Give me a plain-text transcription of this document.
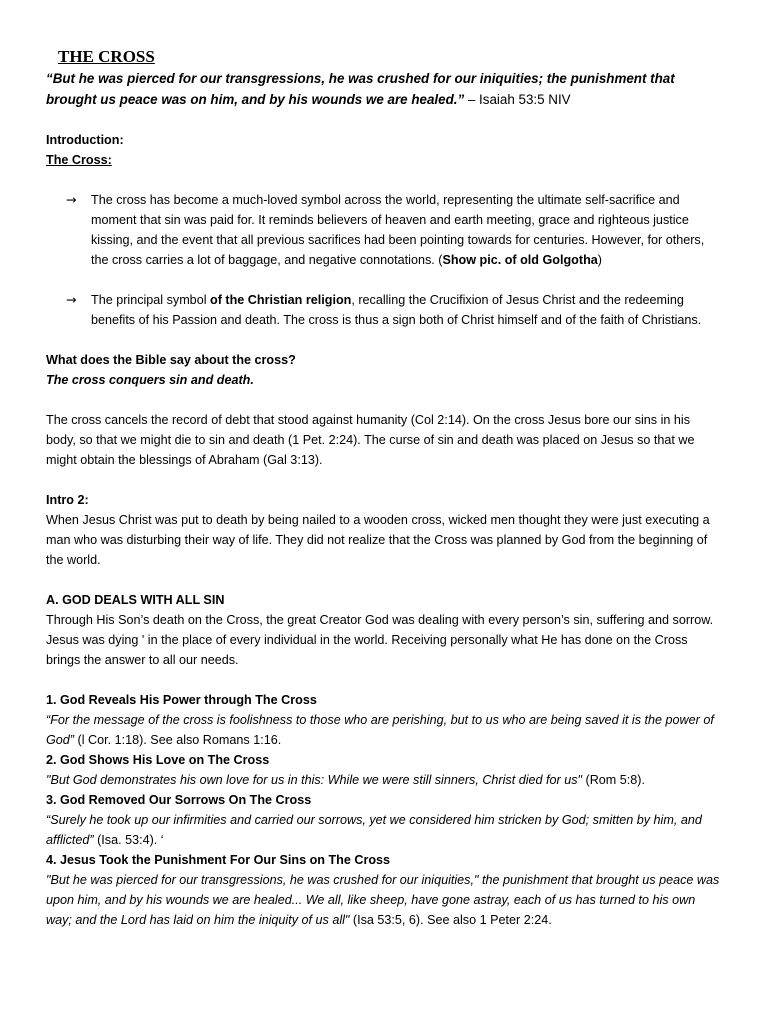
THE CROSS

“But he was pierced for our transgressions, he was crushed for our iniquities; the punishment that brought us peace was on him, and by his wounds we are healed.” – Isaiah 53:5 NIV

Introduction:

The Cross:

→	The cross has become a much-loved symbol across the world, representing the ultimate self-sacrifice and moment that sin was paid for. It reminds believers of heaven and earth meeting, grace and righteous justice kissing, and the event that all previous sacrifices had been pointing towards for centuries. However, for others, the cross carries a lot of baggage, and negative connotations. (Show pic. of old Golgotha)
→	The principal symbol of the Christian religion, recalling the Crucifixion of Jesus Christ and the redeeming benefits of his Passion and death. The cross is thus a sign both of Christ himself and of the faith of Christians.

What does the Bible say about the cross?

The cross conquers sin and death.

The cross cancels the record of debt that stood against humanity (Col 2:14). On the cross Jesus bore our sins in his body, so that we might die to sin and death (1 Pet. 2:24). The curse of sin and death was placed on Jesus so that we might obtain the blessings of Abraham (Gal 3:13).

Intro 2:

When Jesus Christ was put to death by being nailed to a wooden cross, wicked men thought they were just executing a man who was disturbing their way of life. They did not realize that the Cross was planned by God from the beginning of the world.

A. GOD DEALS WITH ALL SIN

Through His Son’s death on the Cross, the great Creator God was dealing with every person’s sin, suffering and sorrow. Jesus was dying ' in the place of every individual in the world. Receiving personally what He has done on the Cross brings the answer to all our needs.

1. God Reveals His Power through The Cross

“For the message of the cross is foolishness to those who are perishing, but to us who are being saved it is the power of God” (l Cor. 1:18). See also Romans 1:16.

2. God Shows His Love on The Cross

"But God demonstrates his own love for us in this: While we were still sinners, Christ died for us" (Rom 5:8).

3. God Removed Our Sorrows On The Cross

“Surely he took up our infirmities and carried our sorrows, yet we considered him stricken by God; smitten by him, and afflicted” (Isa. 53:4). ‘

4. Jesus Took the Punishment For Our Sins on The Cross

"But he was pierced for our transgressions, he was crushed for our iniquities," the punishment that brought us peace was upon him, and by his wounds we are healed... We all, like sheep, have gone astray, each of us has turned to his own way; and the Lord has laid on him the iniquity of us all" (Isa 53:5, 6). See also 1 Peter 2:24.
